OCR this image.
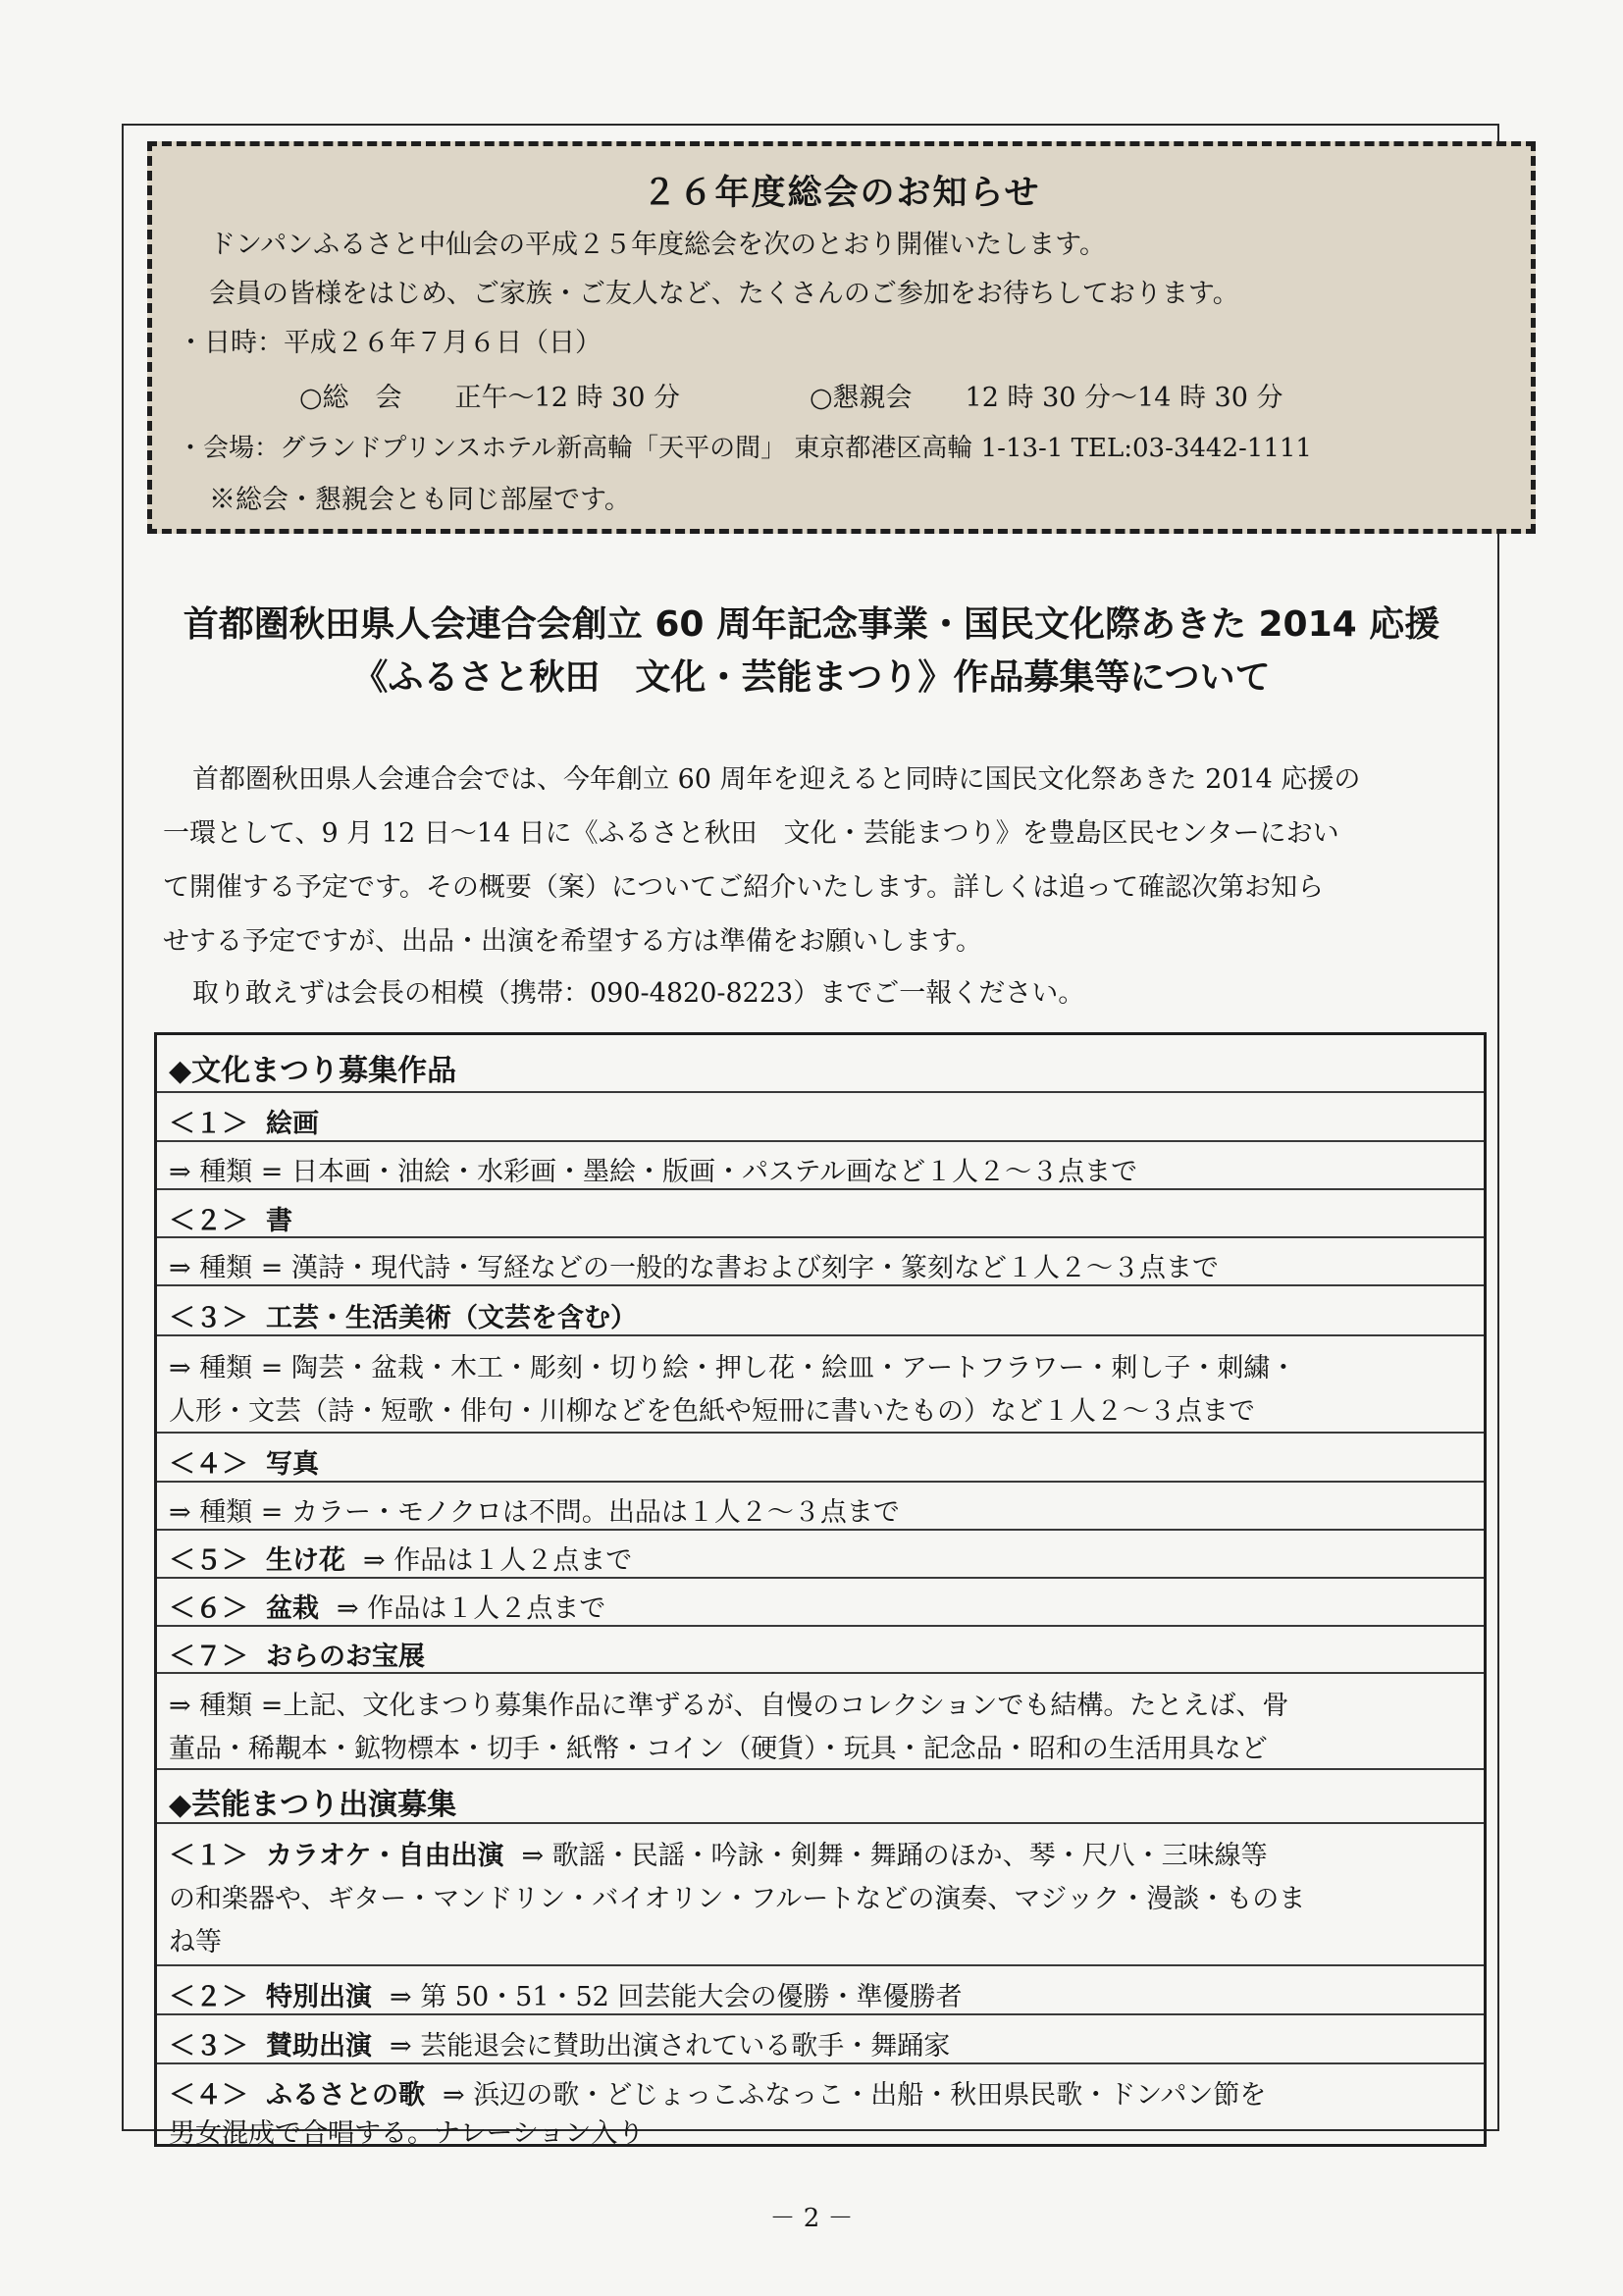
２６年度総会のお知らせ
ドンパンふるさと中仙会の平成２５年度総会を次のとおり開催いたします。
会員の皆様をはじめ、ご家族・ご友人など、たくさんのご参加をお待ちしております。
・日時：平成２６年７月６日（日）
○総　会　　正午～12 時 30 分	○懇親会　　12 時 30 分～14 時 30 分
・会場：グランドプリンスホテル新高輪「天平の間」 東京都港区高輪 1-13-1 TEL:03-3442-1111
※総会・懇親会とも同じ部屋です。
首都圏秋田県人会連合会創立 60 周年記念事業・国民文化際あきた 2014 応援
《ふるさと秋田　文化・芸能まつり》作品募集等について
首都圏秋田県人会連合会では、今年創立 60 周年を迎えると同時に国民文化祭あきた 2014 応援の
一環として、9 月 12 日～14 日に《ふるさと秋田　文化・芸能まつり》を豊島区民センターにおい
て開催する予定です。その概要（案）についてご紹介いたします。詳しくは追って確認次第お知ら
せする予定ですが、出品・出演を希望する方は準備をお願いします。
取り敢えずは会長の相模（携帯：090-4820-8223）までご一報ください。
◆文化まつり募集作品
＜１＞ 絵画
⇒ 種類 = 日本画・油絵・水彩画・墨絵・版画・パステル画など１人２～３点まで
＜２＞ 書
⇒ 種類 = 漢詩・現代詩・写経などの一般的な書および刻字・篆刻など１人２～３点まで
＜３＞ 工芸・生活美術（文芸を含む）
⇒ 種類 = 陶芸・盆栽・木工・彫刻・切り絵・押し花・絵皿・アートフラワー・刺し子・刺繍・
人形・文芸（詩・短歌・俳句・川柳などを色紙や短冊に書いたもの）など１人２～３点まで
＜４＞ 写真
⇒ 種類 = カラー・モノクロは不問。出品は１人２～３点まで
＜５＞ 生け花 ⇒ 作品は１人２点まで
＜６＞ 盆栽 ⇒ 作品は１人２点まで
＜７＞ おらのお宝展
⇒ 種類 =上記、文化まつり募集作品に準ずるが、自慢のコレクションでも結構。たとえば、骨
董品・稀覯本・鉱物標本・切手・紙幣・コイン（硬貨）・玩具・記念品・昭和の生活用具など
◆芸能まつり出演募集
＜１＞ カラオケ・自由出演 ⇒ 歌謡・民謡・吟詠・剣舞・舞踊のほか、琴・尺八・三味線等
の和楽器や、ギター・マンドリン・バイオリン・フルートなどの演奏、マジック・漫談・ものま
ね等
＜２＞ 特別出演 ⇒ 第 50・51・52 回芸能大会の優勝・準優勝者
＜３＞ 賛助出演 ⇒ 芸能退会に賛助出演されている歌手・舞踊家
＜４＞ ふるさとの歌 ⇒ 浜辺の歌・どじょっこふなっこ・出船・秋田県民歌・ドンパン節を
男女混成で合唱する。ナレーション入り
－ 2 －
